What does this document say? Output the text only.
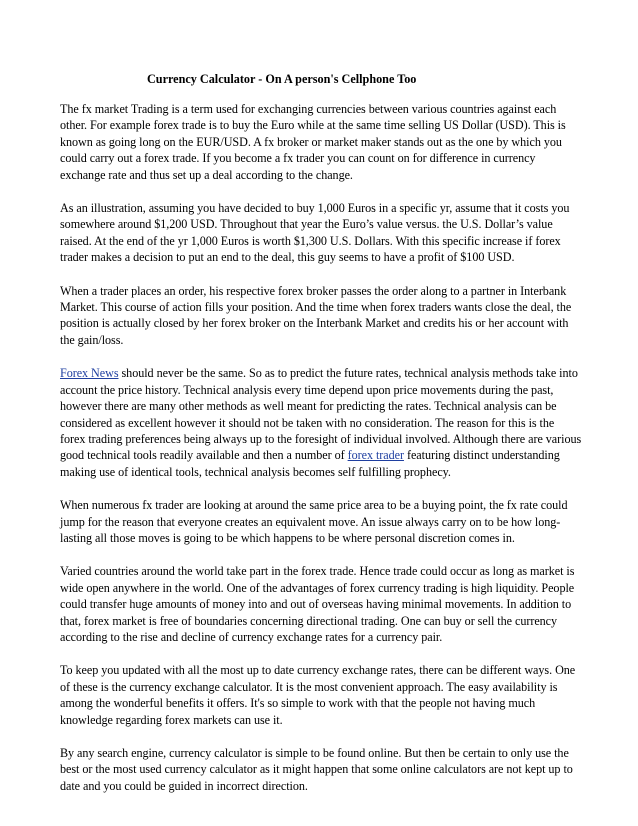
Currency Calculator - On A person's Cellphone Too

The fx market Trading is a term used for exchanging currencies between various countries against each other. For example forex trade is to buy the Euro while at the same time selling US Dollar (USD). This is known as going long on the EUR/USD. A fx broker or market maker stands out as the one by which you could carry out a forex trade. If you become a fx trader you can count on for difference in currency exchange rate and thus set up a deal according to the change.

As an illustration, assuming you have decided to buy 1,000 Euros in a specific yr, assume that it costs you somewhere around $1,200 USD. Throughout that year the Euro’s value versus. the U.S. Dollar’s value raised. At the end of the yr 1,000 Euros is worth $1,300 U.S. Dollars. With this specific increase if forex trader makes a decision to put an end to the deal, this guy seems to have a profit of $100 USD.

When a trader places an order, his respective forex broker passes the order along to a partner in Interbank Market. This course of action fills your position. And the time when forex traders wants close the deal, the position is actually closed by her forex broker on the Interbank Market and credits his or her account with the gain/loss.

Forex News should never be the same. So as to predict the future rates, technical analysis methods take into account the price history. Technical analysis every time depend upon price movements during the past, however there are many other methods as well meant for predicting the rates. Technical analysis can be considered as excellent however it should not be taken with no consideration. The reason for this is the forex trading preferences being always up to the foresight of individual involved. Although there are various good technical tools readily available and then a number of forex trader featuring distinct understanding making use of identical tools, technical analysis becomes self fulfilling prophecy.

When numerous fx trader are looking at around the same price area to be a buying point, the fx rate could jump for the reason that everyone creates an equivalent move. An issue always carry on to be how long-lasting all those moves is going to be which happens to be where personal discretion comes in.

Varied countries around the world take part in the forex trade. Hence trade could occur as long as market is wide open anywhere in the world. One of the advantages of forex currency trading is high liquidity. People could transfer huge amounts of money into and out of overseas having minimal movements. In addition to that, forex market is free of boundaries concerning directional trading. One can buy or sell the currency according to the rise and decline of currency exchange rates for a currency pair.

To keep you updated with all the most up to date currency exchange rates, there can be different ways. One of these is the currency exchange calculator. It is the most convenient approach. The easy availability is among the wonderful benefits it offers. It's so simple to work with that the people not having much knowledge regarding forex markets can use it.

By any search engine, currency calculator is simple to be found online. But then be certain to only use the best or the most used currency calculator as it might happen that some online calculators are not kept up to date and you could be guided in incorrect direction.
